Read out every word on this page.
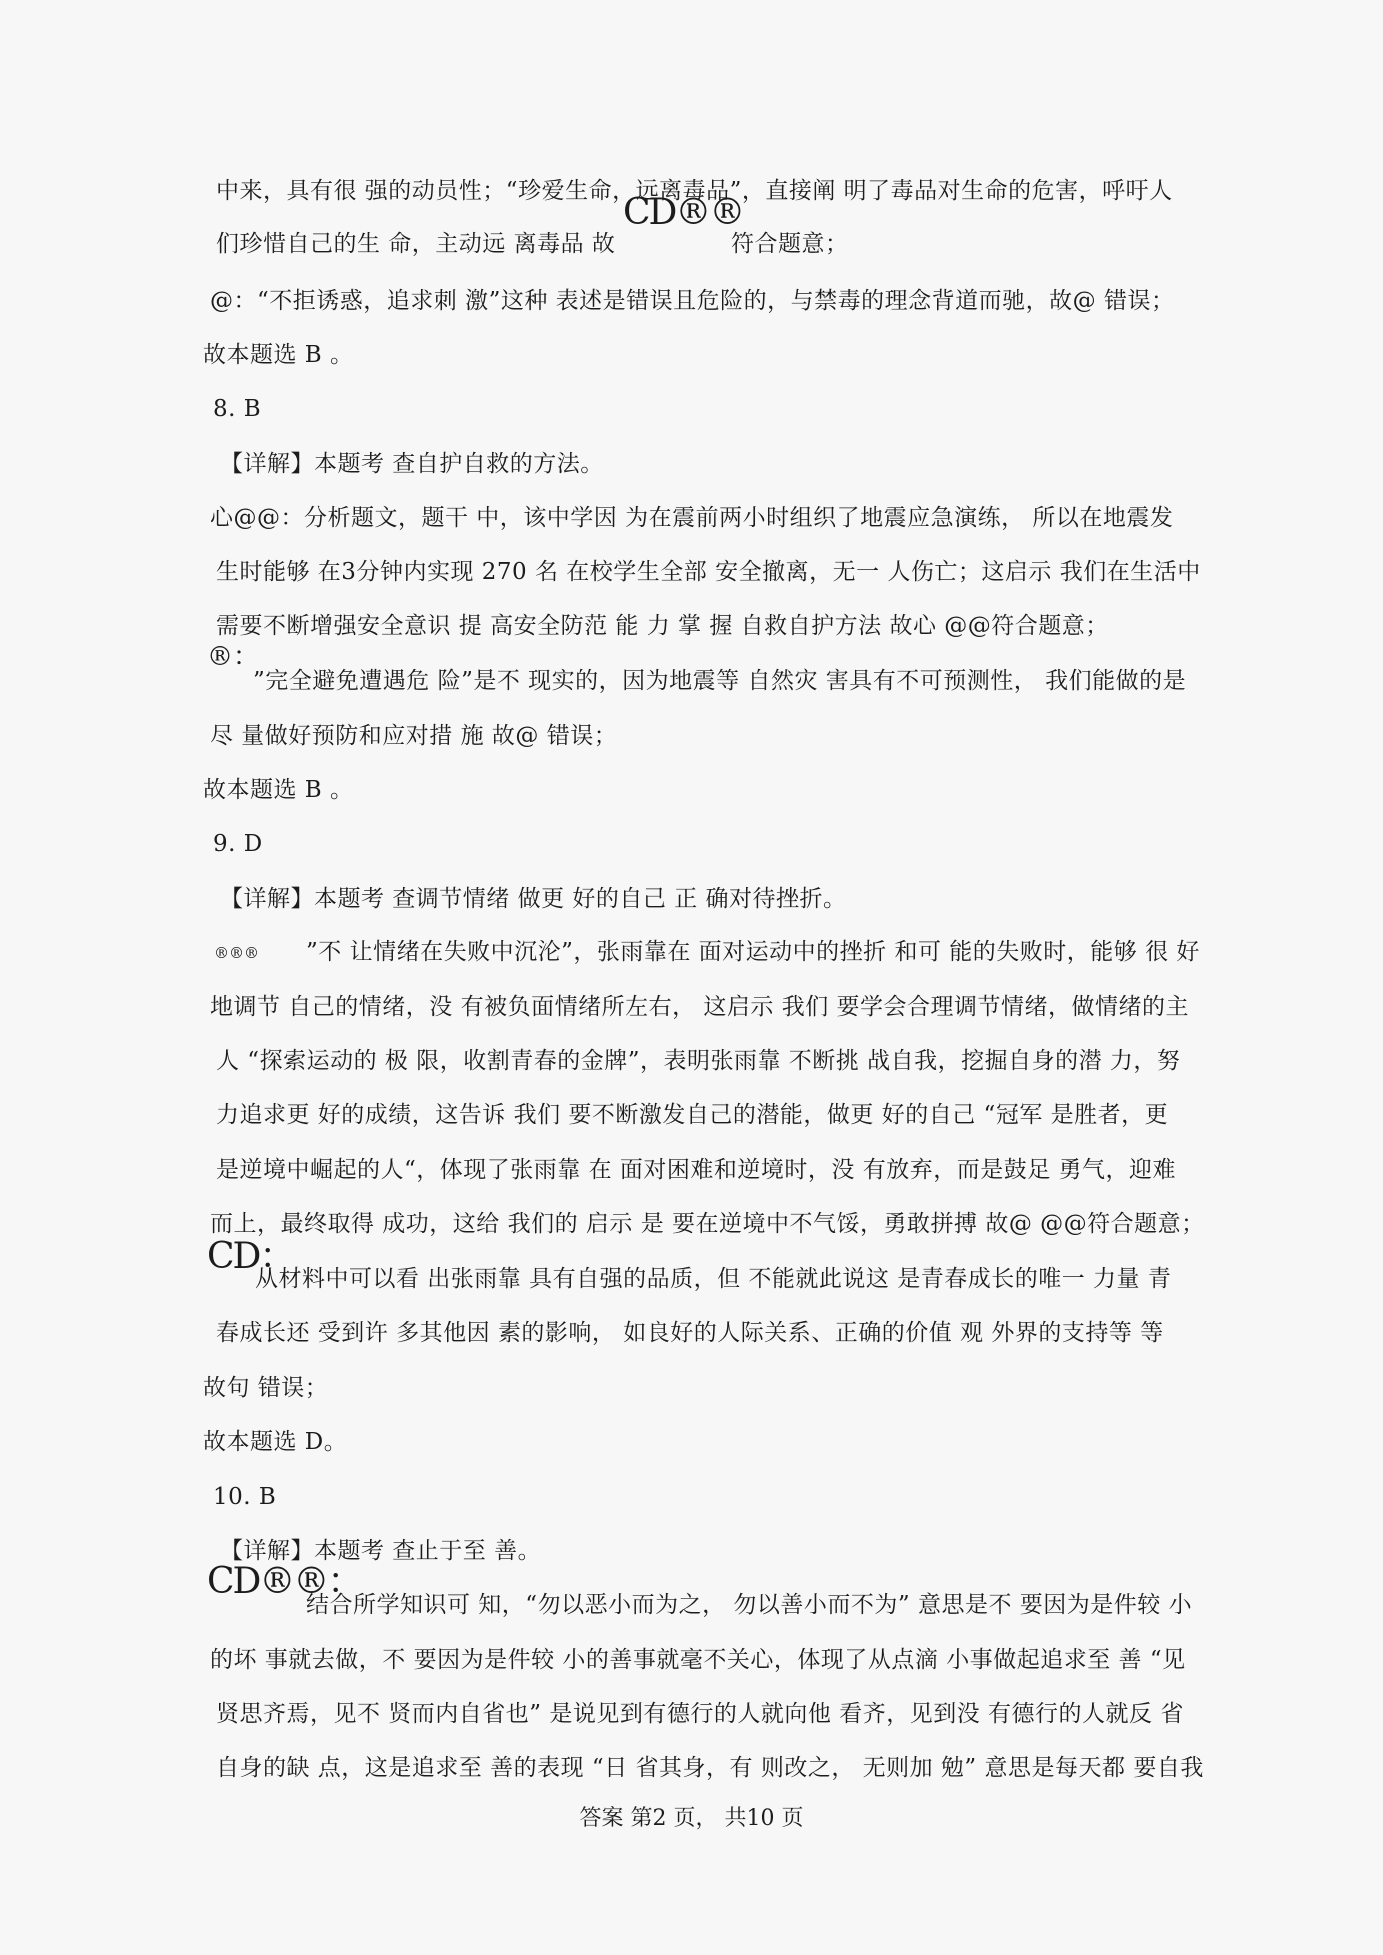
中来，具有很 强的动员性；“珍爱生命，远离毒品”，直接阐 明了毒品对生命的危害，呼吁人
CD®®
们珍惜自己的生 命，主动远 离毒品 故	符合题意；
@：“不拒诱惑，追求刺 激”这种 表述是错误且危险的，与禁毒的理念背道而驰，故@ 错误；
故本题选 B 。
8. B
【详解】本题考 查自护自救的方法。
心@@：分析题文，题干 中，该中学因 为在震前两小时组织了地震应急演练， 所以在地震发
生时能够 在3分钟内实现 270 名 在校学生全部 安全撤离，无一 人伤亡；这启示 我们在生活中
需要不断增强安全意识 提 高安全防范 能 力 掌 握 自救自护方法 故心 @@符合题意；
®：
”完全避免遭遇危 险”是不 现实的，因为地震等 自然灾 害具有不可预测性， 我们能做的是
尽 量做好预防和应对措 施 故@ 错误；
故本题选 B 。
9. D
【详解】本题考 查调节情绪 做更 好的自己 正 确对待挫折。
®®® ”不 让情绪在失败中沉沦”，张雨靠在 面对运动中的挫折 和可 能的失败时，能够 很 好
地调节 自己的情绪，没 有被负面情绪所左右， 这启示 我们 要学会合理调节情绪，做情绪的主
人 “探索运动的 极 限，收割青春的金牌”，表明张雨靠 不断挑 战自我，挖掘自身的潜 力，努
力追求更 好的成绩，这告诉 我们 要不断激发自己的潜能，做更 好的自己 “冠军 是胜者，更
是逆境中崛起的人“，体现了张雨靠 在 面对困难和逆境时，没 有放弃，而是鼓足 勇气，迎难
而上，最终取得 成功，这给 我们的 启示 是 要在逆境中不气馁，勇敢拼搏 故@ @@符合题意；
CD：
从材料中可以看 出张雨靠 具有自强的品质，但 不能就此说这 是青春成长的唯一 力量 青
春成长还 受到许 多其他因 素的影响， 如良好的人际关系、正确的价值 观 外界的支持等 等
故句 错误；
故本题选 D。
10. B
【详解】本题考 查止于至 善。
CD®®：
结合所学知识可 知，“勿以恶小而为之， 勿以善小而不为” 意思是不 要因为是件较 小
的坏 事就去做，不 要因为是件较 小的善事就毫不关心，体现了从点滴 小事做起追求至 善 “见
贤思齐焉，见不 贤而内自省也” 是说见到有德行的人就向他 看齐，见到没 有德行的人就反 省
自身的缺 点，这是追求至 善的表现 “日 省其身，有 则改之， 无则加 勉” 意思是每天都 要自我
答案 第2 页， 共10 页
